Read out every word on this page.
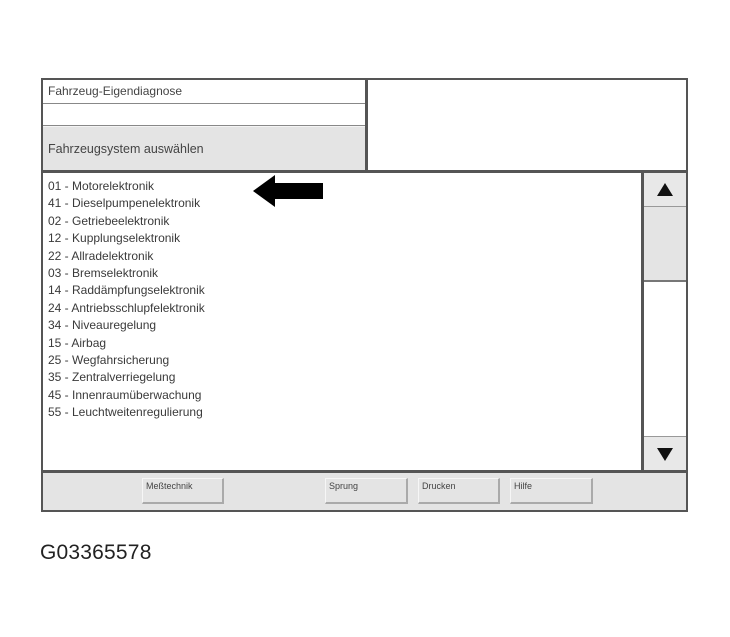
Fahrzeug-Eigendiagnose
Fahrzeugsystem auswählen
01 - Motorelektronik
41 - Dieselpumpenelektronik
02 - Getriebeelektronik
12 - Kupplungselektronik
22 - Allradelektronik
03 - Bremselektronik
14 - Raddämpfungselektronik
24 - Antriebsschlupfelektronik
34 - Niveauregelung
15 - Airbag
25 - Wegfahrsicherung
35 - Zentralverriegelung
45 - Innenraumüberwachung
55 - Leuchtweitenregulierung
Meßtechnik	Sprung	Drucken	Hilfe
G03365578
